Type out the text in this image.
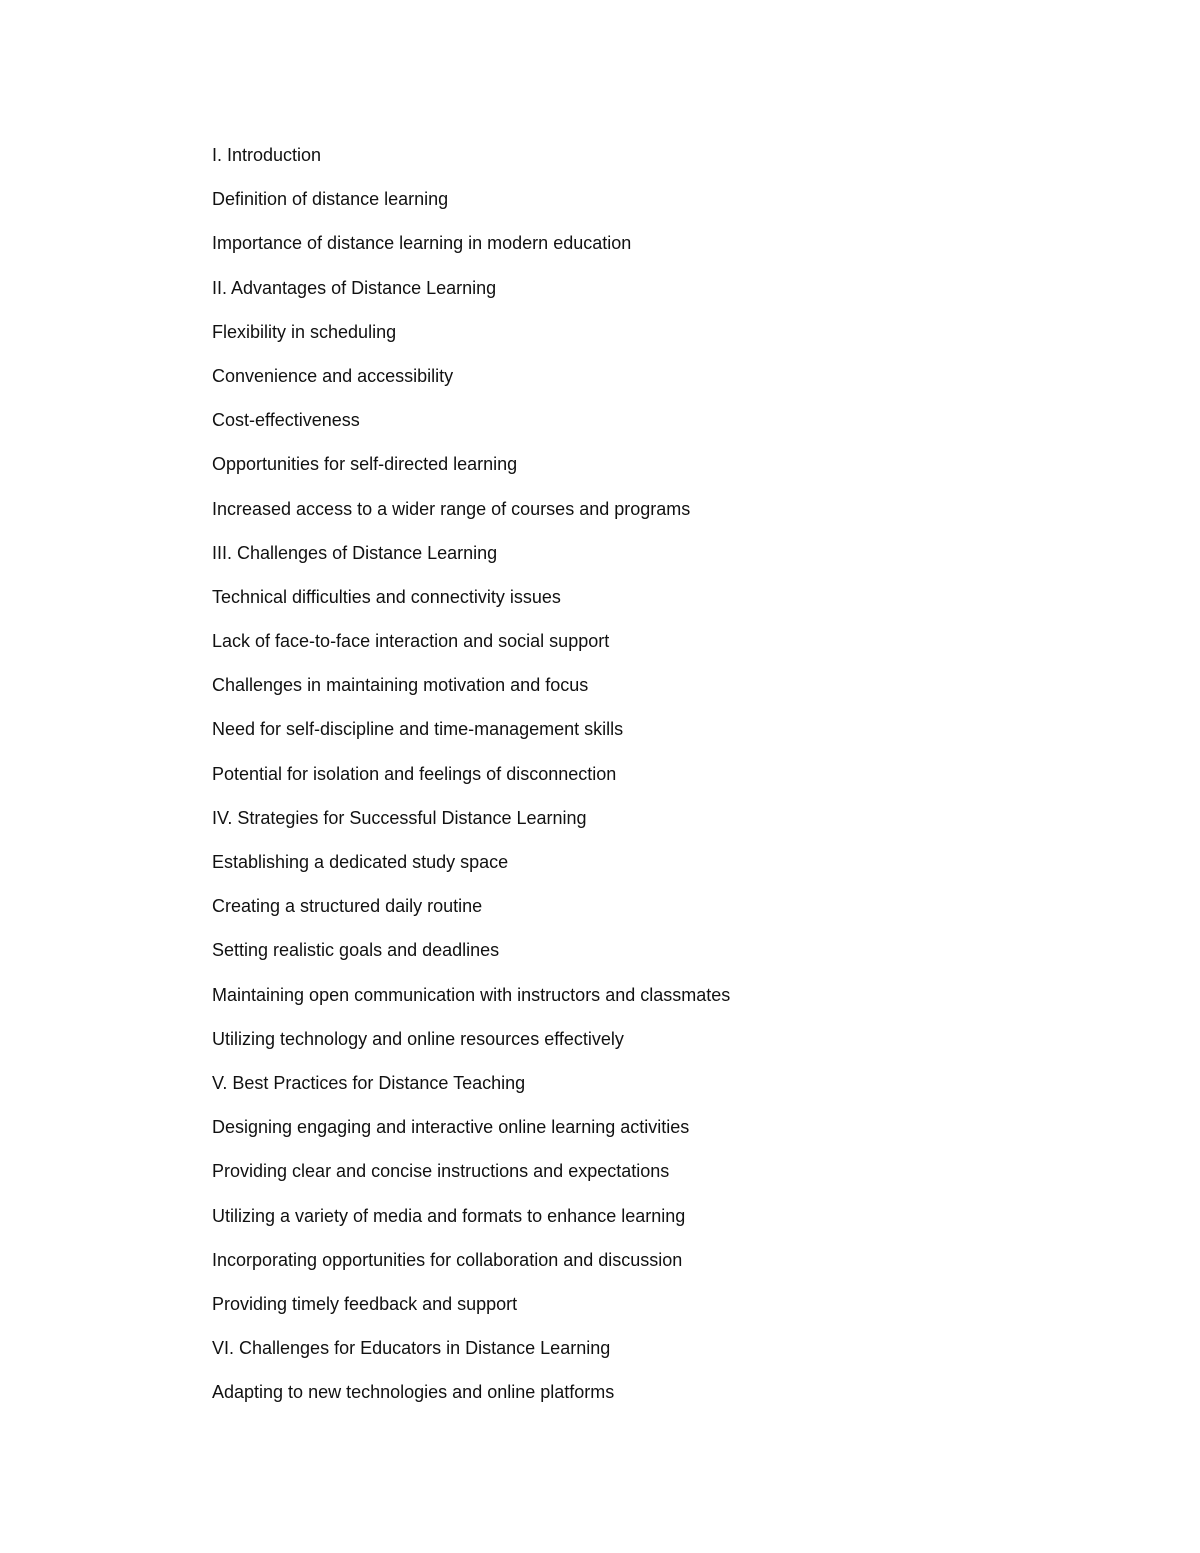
I. Introduction
Definition of distance learning
Importance of distance learning in modern education
II. Advantages of Distance Learning
Flexibility in scheduling
Convenience and accessibility
Cost-effectiveness
Opportunities for self-directed learning
Increased access to a wider range of courses and programs
III. Challenges of Distance Learning
Technical difficulties and connectivity issues
Lack of face-to-face interaction and social support
Challenges in maintaining motivation and focus
Need for self-discipline and time-management skills
Potential for isolation and feelings of disconnection
IV. Strategies for Successful Distance Learning
Establishing a dedicated study space
Creating a structured daily routine
Setting realistic goals and deadlines
Maintaining open communication with instructors and classmates
Utilizing technology and online resources effectively
V. Best Practices for Distance Teaching
Designing engaging and interactive online learning activities
Providing clear and concise instructions and expectations
Utilizing a variety of media and formats to enhance learning
Incorporating opportunities for collaboration and discussion
Providing timely feedback and support
VI. Challenges for Educators in Distance Learning
Adapting to new technologies and online platforms
